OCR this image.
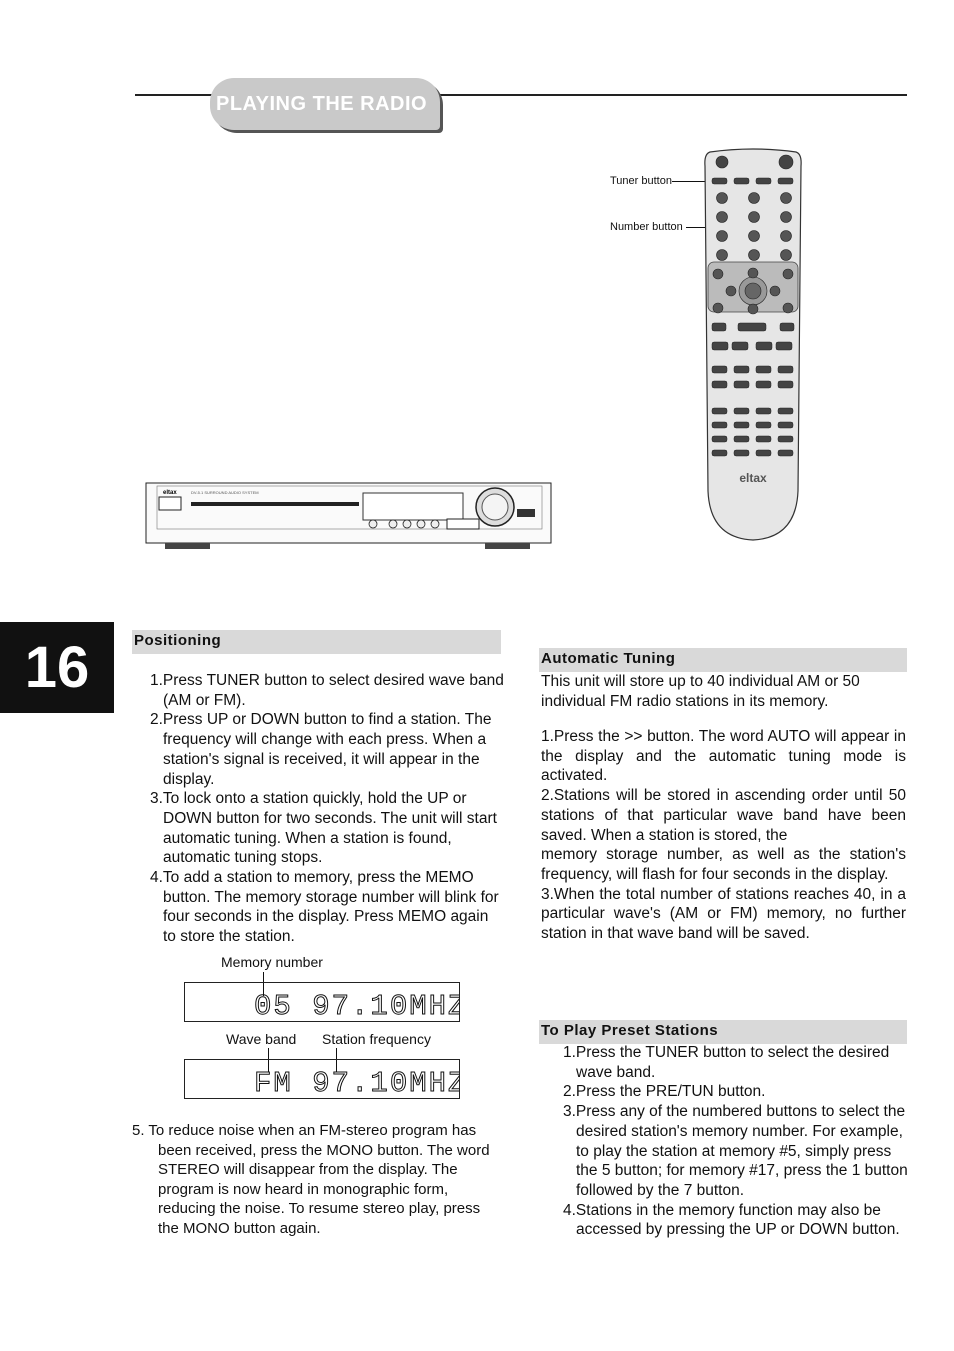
PLAYING THE RADIO
Tuner button
Number button
eltax
eltax	DV-5.1 SURROUND AUDIO SYSTEM
16	Positioning
1.Press TUNER button to select desired wave band (AM or FM).
2.Press UP or DOWN button to find a station. The frequency will change with each press. When a station's signal is received, it will appear in the display.
3.To lock onto a station quickly, hold the UP or DOWN button for two seconds. The unit will start automatic tuning. When a station is found, automatic tuning stops.
4.To add a station to memory, press the MEMO button. The memory storage number will blink for four seconds in the display. Press MEMO again to store the station.
Memory number
05 97.10MHZ
Wave band Station frequency
FM 97.10MHZ
5. To reduce noise when an FM-stereo program has been received, press the MONO button. The word STEREO will disappear from the display. The program is now heard in monographic form, reducing the noise. To resume stereo play, press the MONO button again.
Automatic Tuning
This unit will store up to 40 individual AM or 50 individual FM radio stations in its memory.
1.Press the >> button. The word AUTO will appear in the display and the automatic tuning mode is activated.
2.Stations will be stored in ascending order until 50 stations of that particular wave band have been saved. When a station is stored, the
memory storage number, as well as the station's frequency, will flash for four seconds in the display.
3.When the total number of stations reaches 40, in a particular wave's (AM or FM) memory, no further station in that wave band will be saved.
To Play Preset Stations
1.Press the TUNER button to select the desired wave band.
2.Press the PRE/TUN button.
3.Press any of the numbered buttons to select the desired station's memory number. For example, to play the station at memory #5, simply press the 5 button; for memory #17, press the 1 button followed by the 7 button.
4.Stations in the memory function may also be accessed by pressing the UP or DOWN button.
